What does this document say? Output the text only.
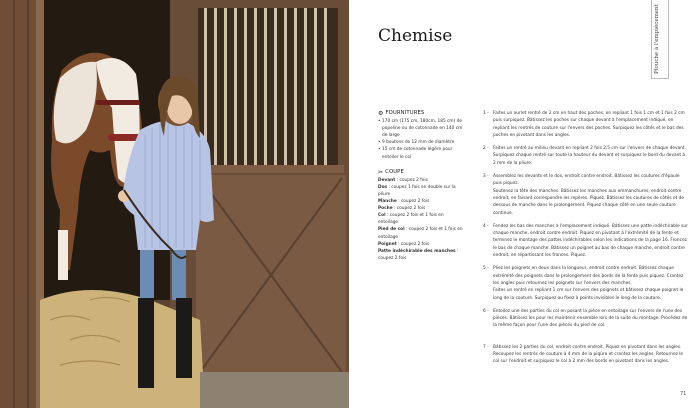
Chemise	Plouche à l'empiècement
⚙ FOURNITURES
• 170 cm (175 cm, 180cm, 185 cm) de popeline ou de cotonnade en 140 cm de large
• 9 boutons de 12 mm de diamètre
• 15 cm de cotonnade légère pour entoiler le col
✂ COUPE

Devant : coupez 2 fois

Dos : coupez 1 fois en double sur la pliure

Manche : coupez 2 fois

Poche : coupez 2 fois

Col : coupez 2 fois et 1 fois en entoilage

Pied de col : coupez 2 fois et 1 fois en entoilage

Poignet : coupez 2 fois

Patte indéchirable des manches : coupez 2 fois

1 - Faites un ourlet rentré de 2 cm en haut des poches, en repliant 1 fois 1 cm et 1 fois 2 cm puis surpiquez. Bâtissez les poches sur chaque devant à l'emplacement indiqué, en repliant les rentrés de couture sur l'envers des poches. Surpiquez les côtés et le bas des poches en pivotant dans les angles.

2 - Faites un rentré au milieu devant en repliant 2 fois 2,5 cm sur l'envers de chaque devant. Surpiquez chaque rentré sur toute la hauteur du devant et surpiquez le bord du devant à 2 mm de la pliure.

3 - Assemblez les devants et le dos, endroit contre endroit. Bâtissez les coutures d'épaule puis piquez.

Soutenez la tête des manches. Bâtissez les manches aux emmanchures, endroit contre endroit, en faisant correspondre les repères. Piquez. Bâtissez les coutures de côtés et de dessous de manche dans le prolongement. Piquez chaque côté en une seule couture continue.

4 - Fendez les bas des manches à l'emplacement indiqué. Bâtissez une patte indéchirable sur chaque manche, endroit contre endroit. Piquez en pivotant à l'extrémité de la fente et terminez le montage des pattes indéchirables selon les indications de la page 16. Froncez le bas de chaque manche. Bâtissez un poignet au bas de chaque manche, endroit contre endroit, en répartissant les fronces. Piquez.

5 - Pliez les poignets en deux dans la longueur, endroit contre endroit. Bâtissez chaque extrémité des poignets dans le prolongement des bords de la fente puis piquez. Crantez les angles puis retournez les poignets sur l'envers des manches.

Faites un rentré en repliant 1 cm sur l'envers des poignets et bâtissez chaque poignet le long de la couture. Surpiquez ou fixez à points invisibles le long de la couture.

6 - Entoilez une des parties du col en posant la pièce en entoilage sur l'envers de l'une des pièces. Bâtissez les pour les maintenir ensemble lors de la suite du montage. Procédez de la même façon pour l'une des pièces du pied de col.

7 - Bâtissez les 2 parties du col, endroit contre endroit. Piquez en pivotant dans les angles. Recoupez les rentrés de couture à 4 mm de la piqûre et crantez les angles. Retournez le col sur l'endroit et surpiquez le col à 2 mm des bords en pivotant dans les angles.

71
